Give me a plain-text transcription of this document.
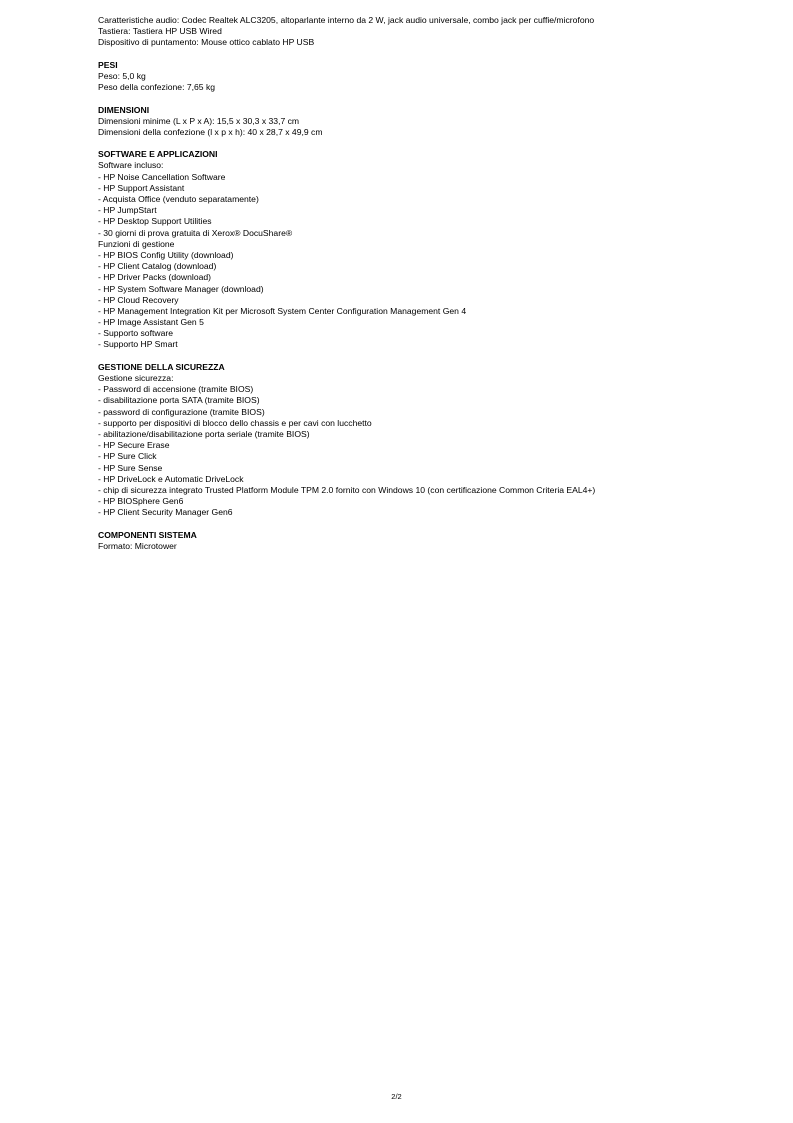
Caratteristiche audio: Codec Realtek ALC3205, altoparlante interno da 2 W, jack audio universale, combo jack per cuffie/microfono
Tastiera: Tastiera HP USB Wired
Dispositivo di puntamento: Mouse ottico cablato HP USB
PESI
Peso: 5,0 kg
Peso della confezione: 7,65 kg
DIMENSIONI
Dimensioni minime (L x P x A): 15,5 x 30,3 x 33,7 cm
Dimensioni della confezione (l x p x h): 40 x 28,7 x 49,9 cm
SOFTWARE E APPLICAZIONI
Software incluso:
- HP Noise Cancellation Software
- HP Support Assistant
- Acquista Office (venduto separatamente)
- HP JumpStart
- HP Desktop Support Utilities
- 30 giorni di prova gratuita di Xerox® DocuShare®
Funzioni di gestione
- HP BIOS Config Utility (download)
- HP Client Catalog (download)
- HP Driver Packs (download)
- HP System Software Manager (download)
- HP Cloud Recovery
- HP Management Integration Kit per Microsoft System Center Configuration Management Gen 4
- HP Image Assistant Gen 5
- Supporto software
- Supporto HP Smart
GESTIONE DELLA SICUREZZA
Gestione sicurezza:
- Password di accensione (tramite BIOS)
- disabilitazione porta SATA (tramite BIOS)
- password di configurazione (tramite BIOS)
- supporto per dispositivi di blocco dello chassis e per cavi con lucchetto
- abilitazione/disabilitazione porta seriale (tramite BIOS)
- HP Secure Erase
- HP Sure Click
- HP Sure Sense
- HP DriveLock e Automatic DriveLock
- chip di sicurezza integrato Trusted Platform Module TPM 2.0 fornito con Windows 10 (con certificazione Common Criteria EAL4+)
- HP BIOSphere Gen6
- HP Client Security Manager Gen6
COMPONENTI SISTEMA
Formato: Microtower
2/2
